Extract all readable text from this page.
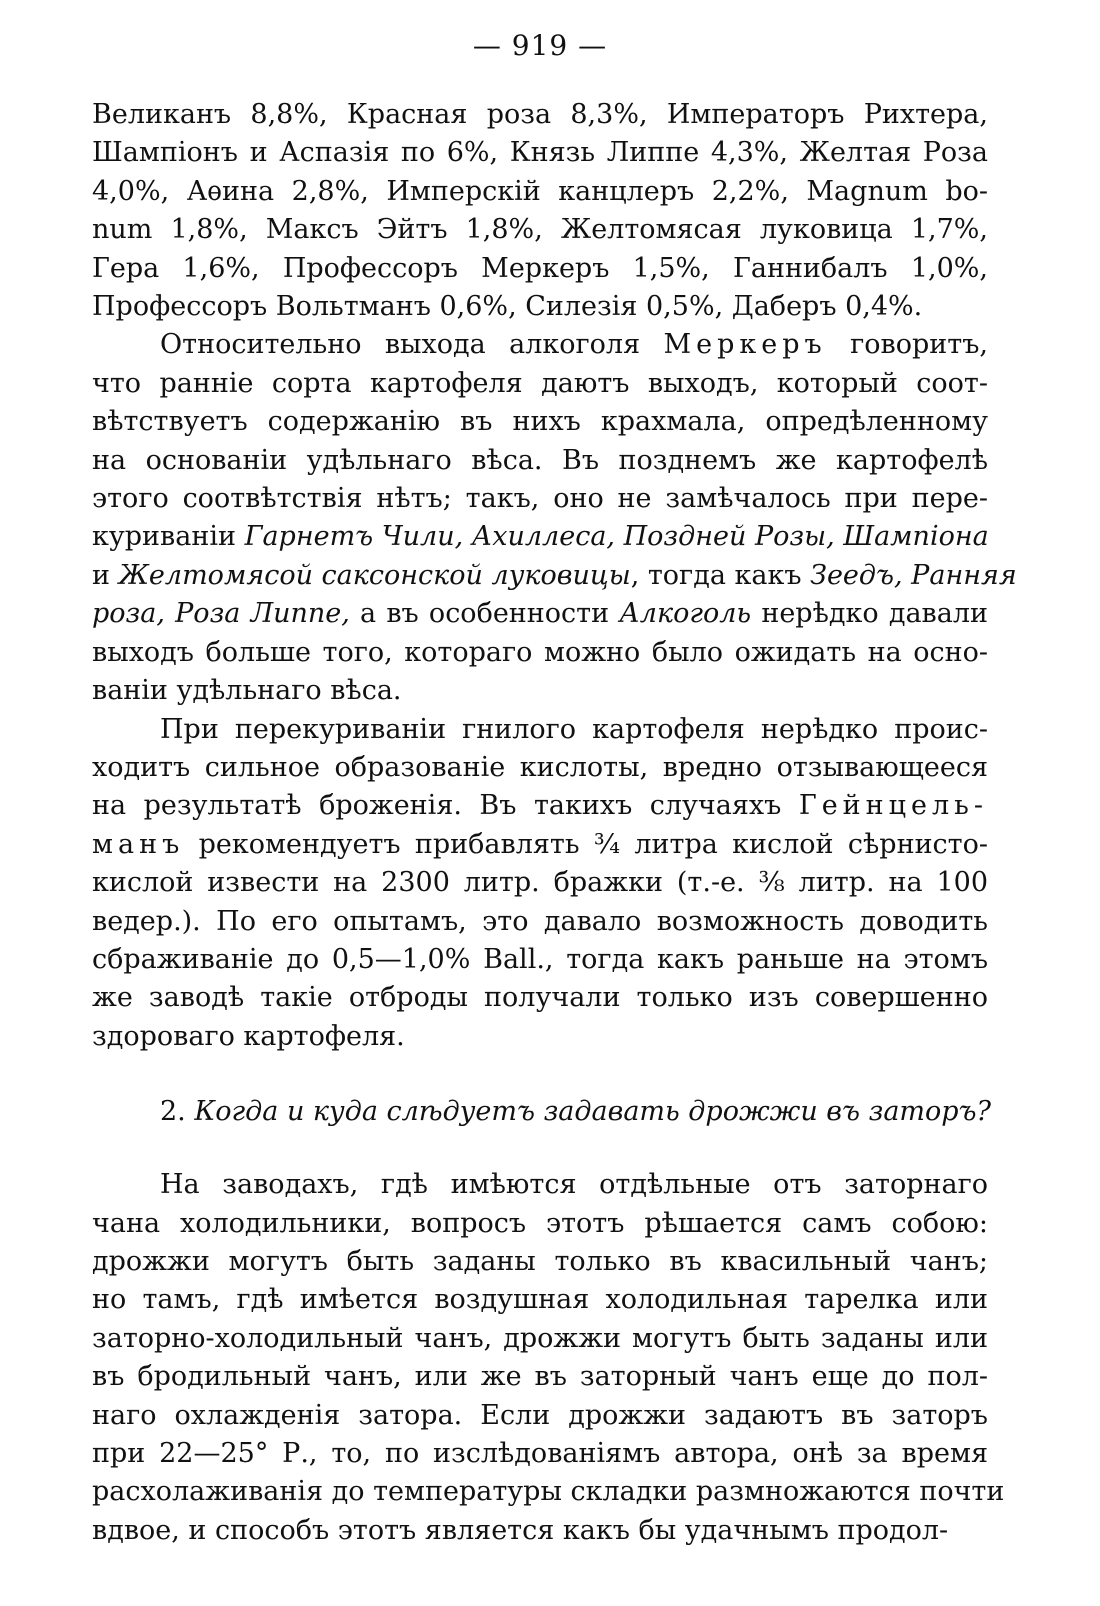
— 919 —
Великанъ 8,8%, Красная роза 8,3%, Императоръ Рихтера,
Шампіонъ и Аспазія по 6%, Князь Липпе 4,3%, Желтая Роза
4,0%, Аѳина 2,8%, Имперскій канцлеръ 2,2%, Magnum bo-
num 1,8%, Максъ Эйтъ 1,8%, Желтомясая луковица 1,7%,
Гера 1,6%, Профессоръ Меркеръ 1,5%, Ганнибалъ 1,0%,
Профессоръ Вольтманъ 0,6%, Силезія 0,5%, Даберъ 0,4%.
Относительно выхода алкоголя Меркеръ говоритъ,
что раннiе сорта картофеля даютъ выходъ, который соот-
вѣтствуетъ содержанію въ нихъ крахмала, опредѣленному
на основаніи удѣльнаго вѣса. Въ позднемъ же картофелѣ
этого соотвѣтствія нѣтъ; такъ, оно не замѣчалось при пере-
куриваніи Гарнетъ Чили, Ахиллеса, Поздней Розы, Шампіона
и Желтомясой саксонской луковицы, тогда какъ Зеедъ, Ранняя
роза, Роза Липпе, а въ особенности Алкоголь нерѣдко давали
выходъ больше того, котораго можно было ожидать на осно-
ваніи удѣльнаго вѣса.
При перекуриваніи гнилого картофеля нерѣдко проис-
ходитъ сильное образованіе кислоты, вредно отзывающееся
на результатѣ броженія. Въ такихъ случаяхъ Гейнцель-
манъ рекомендуетъ прибавлять ¾ литра кислой сѣрнисто-
кислой извести на 2300 литр. бражки (т.-е. ⅜ литр. на 100
ведер.). По его опытамъ, это давало возможность доводить
сбраживаніе до 0,5—1,0% Ball., тогда какъ раньше на этомъ
же заводѣ такіе отброды получали только изъ совершенно
здороваго картофеля.
2. Когда и куда слѣдуетъ задавать дрожжи въ заторъ?
На заводахъ, гдѣ имѣются отдѣльные отъ заторнаго
чана холодильники, вопросъ этотъ рѣшается самъ собою:
дрожжи могутъ быть заданы только въ квасильный чанъ;
но тамъ, гдѣ имѣется воздушная холодильная тарелка или
заторно-холодильный чанъ, дрожжи могутъ быть заданы или
въ бродильный чанъ, или же въ заторный чанъ еще до пол-
наго охлажденія затора. Если дрожжи задаютъ въ заторъ
при 22—25° Р., то, по изслѣдованіямъ автора, онѣ за время
расхолаживанія до температуры складки размножаются почти
вдвое, и способъ этотъ является какъ бы удачнымъ продол-
